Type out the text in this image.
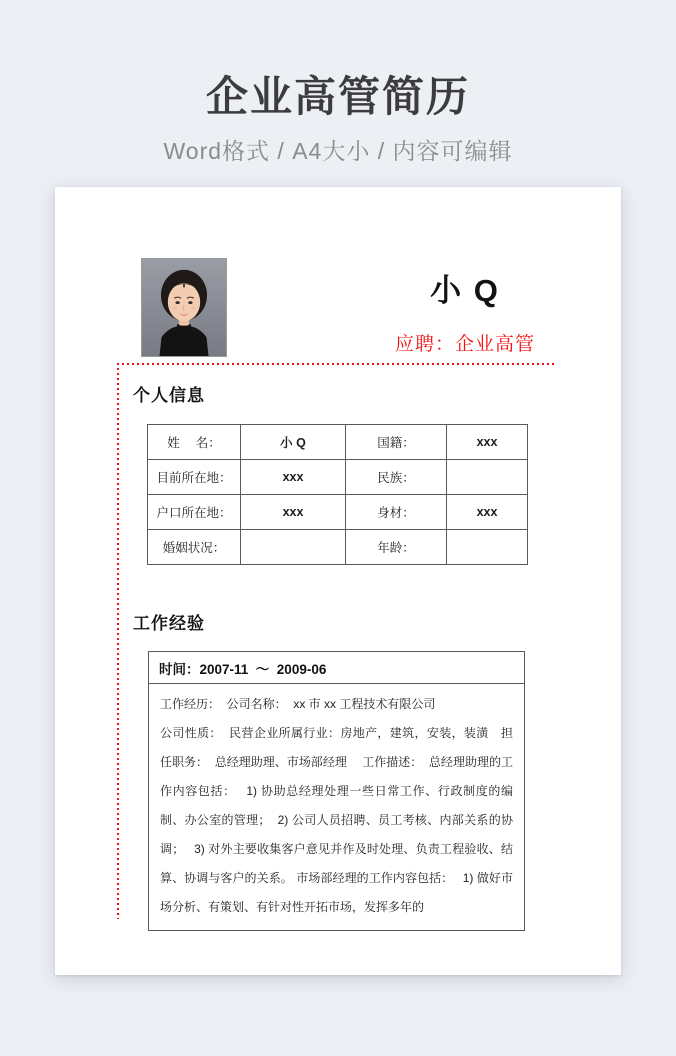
企业高管简历
Word格式 / A4大小 / 内容可编辑
小 Q
应聘：企业高管
个人信息
姓　 名：	小 Q	国籍：	xxx
目前所在地：	xxx	民族：	
户口所在地：	xxx	身材：	xxx
婚姻状况：		年龄：	
工作经验
时间：2007-11  ～  2009-06

工作经历：  公司名称：  xx 市 xx 工程技术有限公司

公司性质：  民营企业所属行业：房地产，建筑，安装，装潢　担任职务：  总经理助理、市场部经理　 工作描述：  总经理助理的工作内容包括：　 1) 协助总经理处理一些日常工作、行政制度的编制、办公室的管理；  2) 公司人员招聘、员工考核、内部关系的协调；　 3) 对外主要收集客户意见并作及时处理、负责工程验收、结算、协调与客户的关系。 市场部经理的工作内容包括：　 1) 做好市场分析、有策划、有针对性开拓市场，发挥多年的
